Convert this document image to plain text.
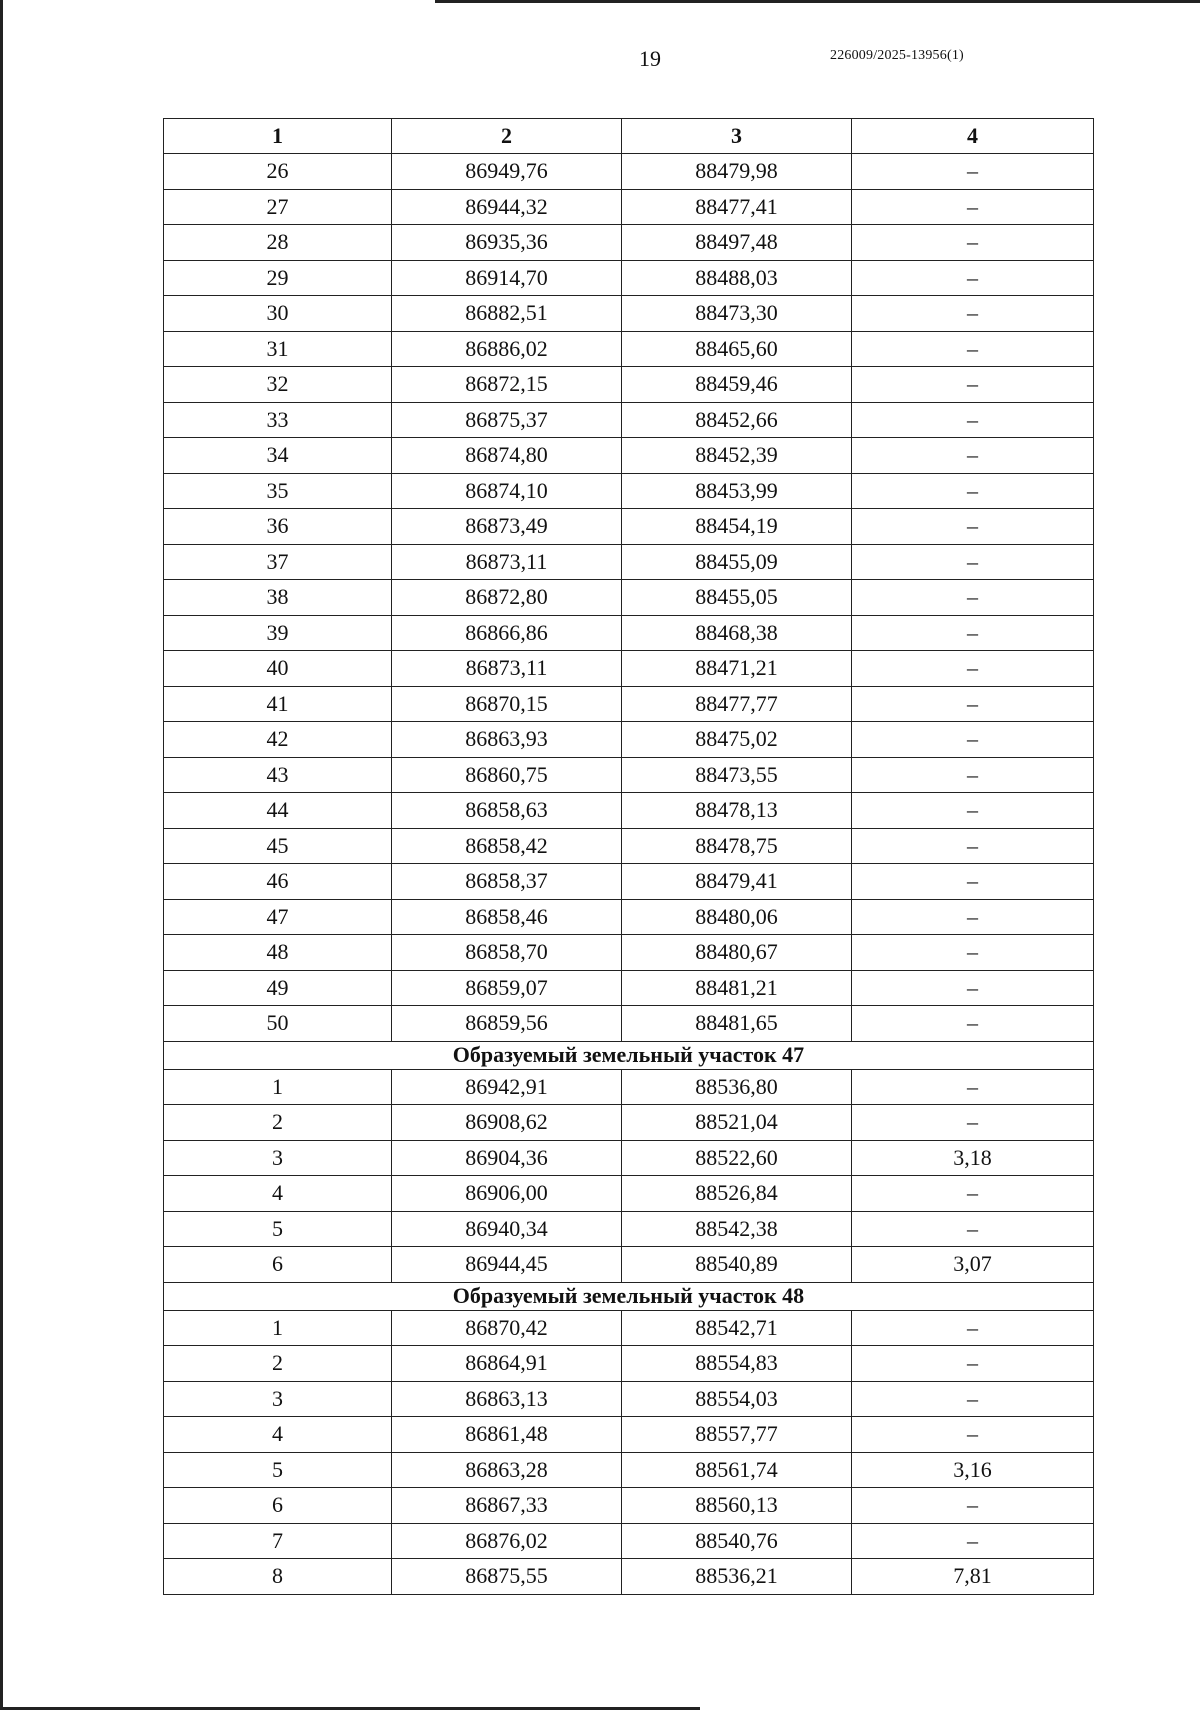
19	226009/2025-13956(1)
1	2	3	4
26	86949,76	88479,98	–
27	86944,32	88477,41	–
28	86935,36	88497,48	–
29	86914,70	88488,03	–
30	86882,51	88473,30	–
31	86886,02	88465,60	–
32	86872,15	88459,46	–
33	86875,37	88452,66	–
34	86874,80	88452,39	–
35	86874,10	88453,99	–
36	86873,49	88454,19	–
37	86873,11	88455,09	–
38	86872,80	88455,05	–
39	86866,86	88468,38	–
40	86873,11	88471,21	–
41	86870,15	88477,77	–
42	86863,93	88475,02	–
43	86860,75	88473,55	–
44	86858,63	88478,13	–
45	86858,42	88478,75	–
46	86858,37	88479,41	–
47	86858,46	88480,06	–
48	86858,70	88480,67	–
49	86859,07	88481,21	–
50	86859,56	88481,65	–
Образуемый земельный участок 47			
1	86942,91	88536,80	–
2	86908,62	88521,04	–
3	86904,36	88522,60	3,18
4	86906,00	88526,84	–
5	86940,34	88542,38	–
6	86944,45	88540,89	3,07
Образуемый земельный участок 48			
1	86870,42	88542,71	–
2	86864,91	88554,83	–
3	86863,13	88554,03	–
4	86861,48	88557,77	–
5	86863,28	88561,74	3,16
6	86867,33	88560,13	–
7	86876,02	88540,76	–
8	86875,55	88536,21	7,81
